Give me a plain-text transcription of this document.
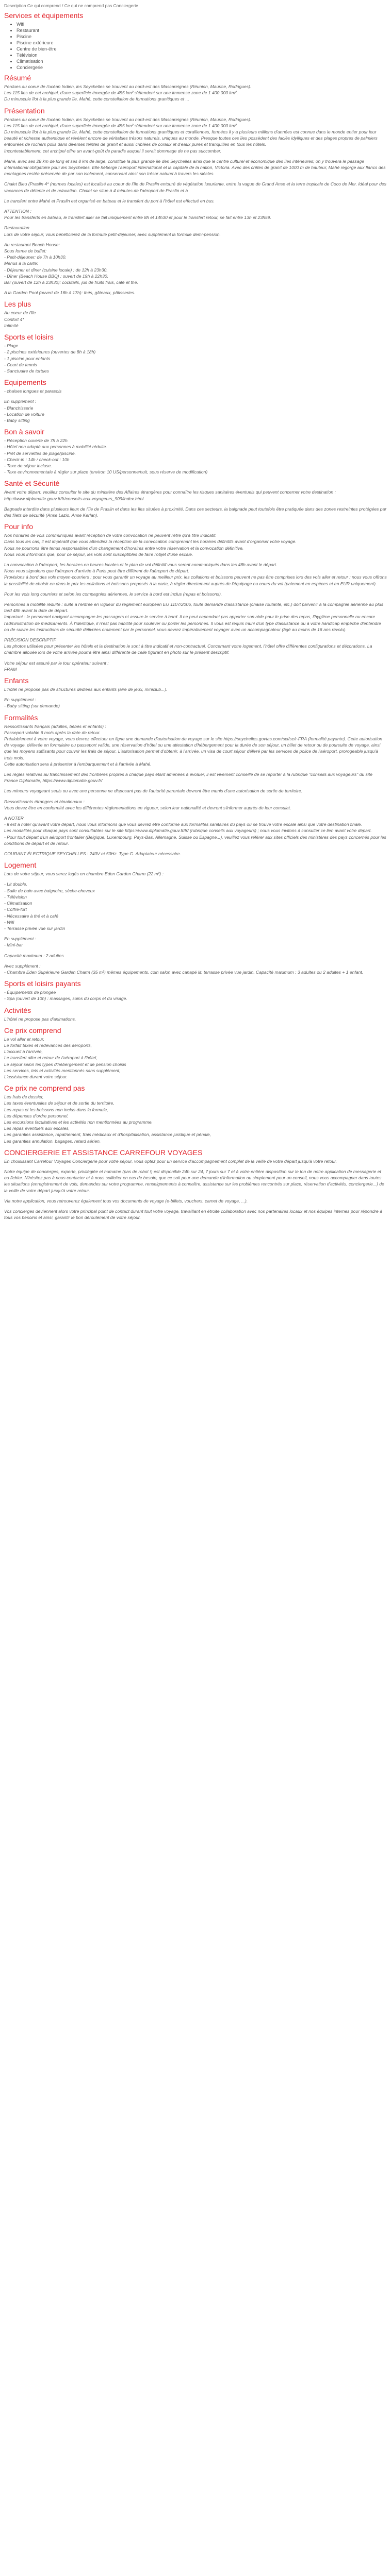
Description Ce qui comprend / Ce qui ne comprend pas Conciergerie
Services et équipements
• Wifi
• Restaurant
• Piscine
• Piscine extérieure
• Centre de bien-être
• Télévision
• Climatisation
• Conciergerie
Résumé
Perdues au coeur de l'océan Indien, les Seychelles se trouvent au nord-est des Mascareignes (Réunion, Maurice, Rodrigues).
Les 115 îles de cet archipel, d'une superficie émergée de 455 km² s'étendent sur une immense zone de 1 400 000 km².
Du minuscule îlot à la plus grande île, Mahé, cette constellation de formations granitiques et ...
Présentation
Perdues au coeur de l'océan Indien, les Seychelles se trouvent au nord-est des Mascareignes (Réunion, Maurice, Rodrigues).
Les 115 îles de cet archipel, d'une superficie émergée de 455 km² s'étendent sur une immense zone de 1 400 000 km².
Du minuscule îlot à la plus grande île, Mahé, cette constellation de formations granitiques et coralliennes, formées il y a plusieurs millions d'années est connue dans le monde entier pour leur beauté et richesse authentique et révèlent encore de véritables trésors naturels, uniques au monde. Presque toutes ces îles possèdent des faciès idylliques et des plages propres de palmiers entourées de rochers polis dans diverses teintes de granit et aussi criblées de coraux et d'eaux pures et tranquilles en tous les hôtels.
Incontestablement, cet archipel offre un avant-goût de paradis auquel il serait dommage de ne pas succomber.
Mahé, avec ses 28 km de long et ses 8 km de large, constitue la plus grande île des Seychelles ainsi que le centre culturel et économique des îles intérieures; on y trouvera le passage international obligatoire pour les Seychelles. Elle héberge l'aéroport international et la capitale de la nation, Victoria. Avec des crêtes de granit de 1000 m de hauteur, Mahé regorge aux flancs des montagnes restée préservée de par son isolement, conservant ainsi son trésor naturel à travers les siècles.
Chalet Bleu (Praslin 4* (normes locales) est localisé au coeur de l'île de Praslin entouré de végétation luxuriante, entre la vague de Grand Anse et la terre tropicale de Coco de Mer. Idéal pour des vacances de détente et de relaxation. Chalet se situe à 4 minutes de l'aéroport de Praslin et à
Le transfert entre Mahé et Praslin est organisé en bateau et le transfert du port à l'hôtel est effectué en bus.
ATTENTION :
Pour les transferts en bateau, le transfert aller se fait uniquement entre 8h et 14h30 et pour le transfert retour, se fait entre 13h et 23h59.
Restauration
Lors de votre séjour, vous bénéficierez de la formule petit-déjeuner, avec supplément la formule demi-pension.
Au restaurant Beach House:
Sous forme de buffet:
- Petit-déjeuner: de 7h à 10h30.
Menus à la carte:
- Déjeuner et dîner (cuisine locale) : de 12h à 23h30.
- Dîner (Beach House BBQ) : ouvert de 19h à 22h30.
Bar (ouvert de 12h à 23h30): cocktails, jus de fruits frais, café et thé.
A la Garden Pool (ouvert de 16h à 17h): thés, gâteaux, pâtisseries.
Les plus
Au coeur de l'île
Confort 4*
Intimité
Sports et loisirs
- Plage
- 2 piscines extérieures (ouvertes de 8h à 18h)
- 1 piscine pour enfants
- Court de tennis
- Sanctuaire de tortues
Equipements
- chaises longues et parasols
En supplément :
- Blanchisserie
- Location de voiture
- Baby sitting
Bon à savoir
- Réception ouverte de 7h à 22h.
- Hôtel non adapté aux personnes à mobilité réduite.
- Prêt de serviettes de plage/piscine.
- Check-in : 14h / check-out : 10h
- Taxe de séjour incluse.
- Taxe environnementale à régler sur place (environ 10 US/personne/nuit, sous réserve de modification)
Santé et Sécurité
Avant votre départ, veuillez consulter le site du ministère des Affaires étrangères pour connaître les risques sanitaires éventuels qui peuvent concerner votre destination : http://www.diplomatie.gouv.fr/fr/conseils-aux-voyageurs_909/index.html
Bagnade interdite dans plusieurs lieux de l'île de Praslin et dans les îles situées à proximité. Dans ces secteurs, la baignade peut toutefois être pratiquée dans des zones restreintes protégées par des filets de sécurité (Anse Lazio, Anse Kerlan).
Pour info
Nos horaires de vols communiqués avant réception de votre convocation ne peuvent l'être qu'à titre indicatif.
Dans tous les cas, il est impératif que vous attendiez la réception de la convocation comprenant les horaires définitifs avant d'organiser votre voyage.
Nous ne pourrons être tenus responsables d'un changement d'horaires entre votre réservation et la convocation définitive.
Nous vous informons que, pour ce séjour, les vols sont susceptibles de faire l'objet d'une escale.
La convocation à l'aéroport, les horaires en heures locales et le plan de vol définitif vous seront communiqués dans les 48h avant le départ.
Nous vous signalons que l'aéroport d'arrivée à Paris peut être différent de l'aéroport de départ.
Provisions à bord des vols moyen-courriers : pour vous garantir un voyage au meilleur prix, les collations et boissons peuvent ne pas être comprises lors des vols aller et retour ; nous vous offrons la possibilité de choisir en dans le prix les collations et boissons proposés à la carte, à régler directement auprès de l'équipage ou cours du vol (paiement en espèces et en EUR uniquement).
Pour les vols long courriers et selon les compagnies aériennes, le service à bord est inclus (repas et boissons).
Personnes à mobilité réduite : suite à l'entrée en vigueur du règlement européen EU 1107/2006, toute demande d'assistance (chaise roulante, etc.) doit parvenir à la compagnie aérienne au plus tard 48h avant la date de départ.
Important : le personnel navigant accompagne les passagers et assure le service à bord. Il ne peut cependant pas apporter son aide pour le prise des repas, l'hygiène personnelle ou encore l'administration de médicaments. À l'identique, il n'est pas habilité pour soulever ou porter les personnes. Il vous est requis muni d'un type d'assistance ou à votre handicap empêche d'entendre ou de suivre les instructions de sécurité délivrées oralement par le personnel, vous devrez impérativement voyager avec un accompagnateur (âgé au moins de 16 ans révolu).
PRÉCISION DESCRIPTIF
Les photos utilisées pour présenter les hôtels et la destination le sont à titre indicatif et non-contractuel. Concernant votre logement, l'hôtel offre différentes configurations et décorations. La chambre allouée lors de votre arrivée pourra être ainsi différente de celle figurant en photo sur le présent descriptif.
Votre séjour est assuré par le tour opérateur suivant :
FRAM
Enfants
L'hôtel ne propose pas de structures dédiées aux enfants (aire de jeux, miniclub...).
En supplément :
- Baby sitting (sur demande)
Formalités
Ressortissants français (adultes, bébés et enfants) :
Passeport valable 6 mois après la date de retour.
Préalablement à votre voyage, vous devrez effectuer en ligne une demande d'autorisation de voyage sur le site https://seychelles.govtas.com/sct/sc/r-FRA (formalité payante). Cette autorisation de voyage, délivrée en formulaire ou passeport valide, une réservation d'hôtel ou une attestation d'hébergement pour la durée de son séjour, un billet de retour ou de poursuite de voyage, ainsi que les moyens suffisants pour couvrir les frais de séjour. L'autorisation permet d'obtenir, à l'arrivée, un visa de court séjour délivré par les services de police de l'aéroport, prorogeable jusqu'à trois mois.
Cette autorisation sera à présenter à l'embarquement et à l'arrivée à Mahé.
Les règles relatives au franchissement des frontières propres à chaque pays étant amenées à évoluer, il est vivement conseillé de se reporter à la rubrique "conseils aux voyageurs" du site France Diplomatie, https://www.diplomatie.gouv.fr/
Les mineurs voyageant seuls ou avec une personne ne disposant pas de l'autorité parentale devront être munis d'une autorisation de sortie de territoire.
Ressortissants étrangers et binationaux :
Vous devez être en conformité avec les différentes réglementations en vigueur, selon leur nationalité et devront s'informer auprès de leur consulat.
A NOTER
- Il est à noter qu'avant votre départ, nous vous informons que vous devrez être conforme aux formalités sanitaires du pays où se trouve votre escale ainsi que votre destination finale.
Les modalités pour chaque pays sont consultables sur le site https://www.diplomatie.gouv.fr/fr/ (rubrique conseils aux voyageurs) ; nous vous invitons à consulter ce lien avant votre départ.
- Pour tout départ d'un aéroport frontalier (Belgique, Luxembourg, Pays-Bas, Allemagne, Suisse ou Espagne...), veuillez vous référer aux sites officiels des ministères des pays concernés pour les conditions de départ et de retour.
COURANT ÉLECTRIQUE SEYCHELLES : 240V et 50Hz. Type G. Adaptateur nécessaire.
Logement
Lors de votre séjour, vous serez logés en chambre Eden Garden Charm (22 m²) :
- Lit double.
- Salle de bain avec baignoire, sèche-cheveux
- Télévision
- Climatisation
- Coffre-fort
- Nécessaire à thé et à café
- Wifi
- Terrasse privée vue sur jardin
En supplément :
- Mini-bar
Capacité maximum : 2 adultes
Avec supplément :
- Chambre Eden Supérieure Garden Charm (35 m²) mêmes équipements, coin salon avec canapé lit, terrasse privée vue jardin. Capacité maximum : 3 adultes ou 2 adultes + 1 enfant.
Sports et loisirs payants
- Équipements de plongée
- Spa (ouvert de 10h) : massages, soins du corps et du visage.
Activités
L'hôtel ne propose pas d'animations.
Ce prix comprend
Le vol aller et retour,
Le forfait taxes et redevances des aéroports,
L'accueil à l'arrivée,
Le transfert aller et retour de l'aéroport à l'hôtel,
Le séjour selon les types d'hébergement et de pension choisis
Les services, tels et activités mentionnés sans supplément,
L'assistance durant votre séjour.
Ce prix ne comprend pas
Les frais de dossier,
Les taxes éventuelles de séjour et de sortie du territoire,
Les repas et les boissons non inclus dans la formule,
Les dépenses d'ordre personnel,
Les excursions facultatives et les activités non mentionnées au programme,
Les repas éventuels aux escales,
Les garanties assistance, rapatriement, frais médicaux et d'hospitalisation, assistance juridique et pénale,
Les garanties annulation, bagages, retard aérien.
CONCIERGERIE ET ASSISTANCE CARREFOUR VOYAGES
En choisissant Carrefour Voyages Conciergerie pour votre séjour, vous optez pour un service d'accompagnement complet de la veille de votre départ jusqu'à votre retour.
Notre équipe de concierges, experte, privilégiée et humaine (pas de robot !) est disponible 24h sur 24, 7 jours sur 7 et à votre entière disposition sur le ton de notre application de messagerie et ou fichier. N'hésitez pas à nous contacter et à nous solliciter en cas de besoin, que ce soit pour une demande d'information ou simplement pour un conseil, nous vous accompagner dans toutes les situations (enregistrement de vols, demandes sur votre programme, renseignements à connaître, assistance sur les problèmes rencontrés sur place, réservation d'activités, conciergerie...) de la veille de votre départ jusqu'à votre retour.
Via notre application, vous retrouverez également tous vos documents de voyage (e-billets, vouchers, carnet de voyage, ...).
Vos concierges deviennent alors votre principal point de contact durant tout votre voyage, travaillant en étroite collaboration avec nos partenaires locaux et nos équipes internes pour répondre à tous vos besoins et ainsi, garantir le bon déroulement de votre séjour.
